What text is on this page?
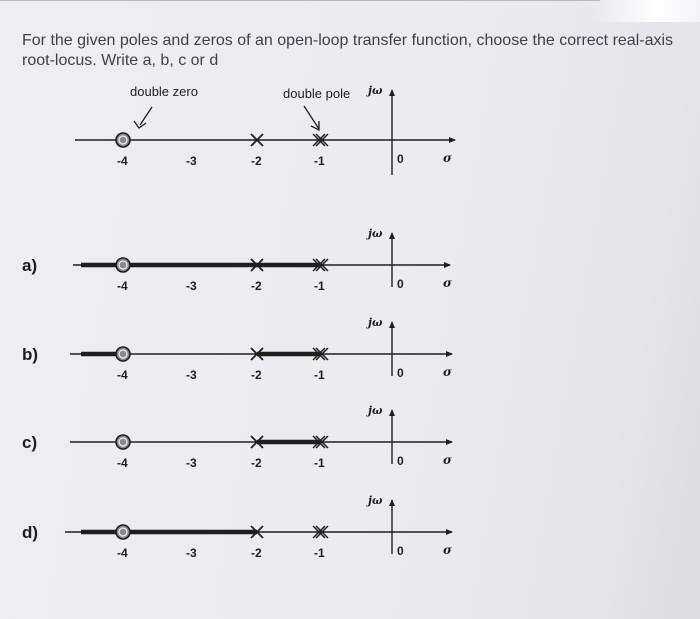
For the given poles and zeros of an open-loop transfer function, choose the correct real-axis root-locus. Write a, b, c or d
double zero	double pole jω
-4	-3	-2	-1	0	σ
a)
jω
-4	-3	-2	-1	0	σ
b)
jω
-4	-3	-2	-1	0	σ
c)
jω
-4	-3	-2	-1	0	σ
d)
jω
-4	-3	-2	-1	0	σ
